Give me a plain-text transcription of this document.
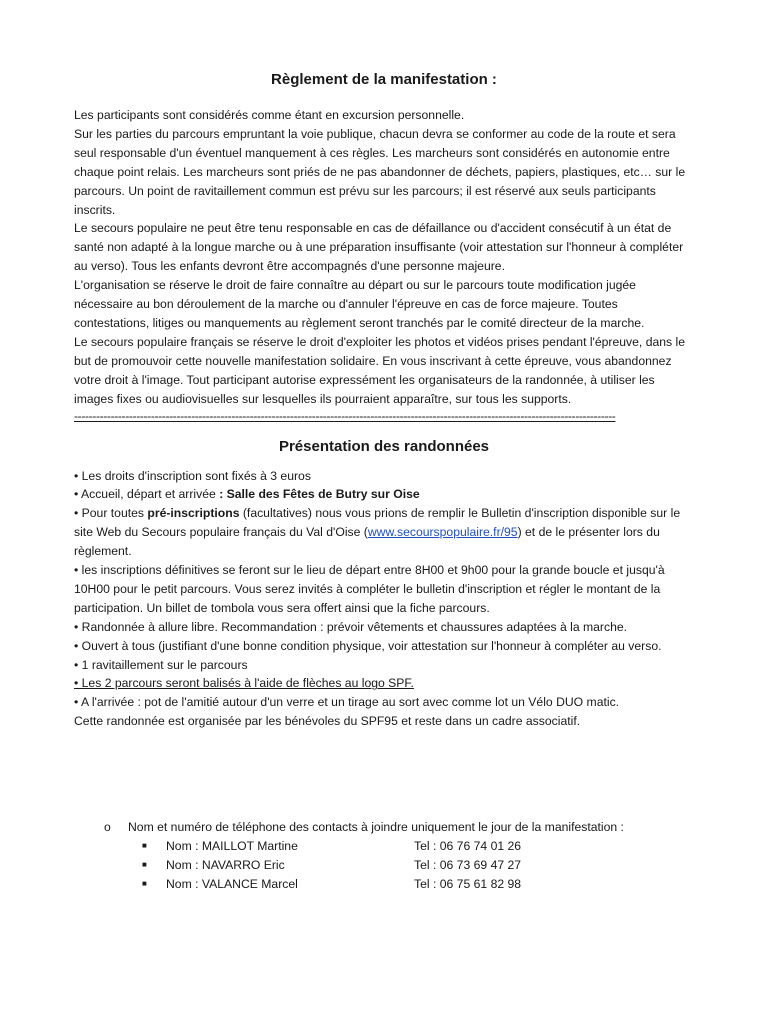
Règlement de la manifestation :

Les participants sont considérés comme étant en excursion personnelle.

Sur les parties du parcours empruntant la voie publique, chacun devra se conformer au code de la route et sera seul responsable d'un éventuel manquement à ces règles. Les marcheurs sont considérés en autonomie entre chaque point relais. Les marcheurs sont priés de ne pas abandonner de déchets, papiers, plastiques, etc… sur le parcours. Un point de ravitaillement commun est prévu sur les parcours; il est réservé aux seuls participants inscrits.

Le secours populaire ne peut être tenu responsable en cas de défaillance ou d'accident consécutif à un état de santé non adapté à la longue marche ou à une préparation insuffisante (voir attestation sur l'honneur à compléter au verso). Tous les enfants devront être accompagnés d'une personne majeure.

L'organisation se réserve le droit de faire connaître au départ ou sur le parcours toute modification jugée nécessaire au bon déroulement de la marche ou d'annuler l'épreuve en cas de force majeure. Toutes contestations, litiges ou manquements au règlement seront tranchés par le comité directeur de la marche.

Le secours populaire français se réserve le droit d'exploiter les photos et vidéos prises pendant l'épreuve, dans le but de promouvoir cette nouvelle manifestation solidaire. En vous inscrivant à cette épreuve, vous abandonnez votre droit à l'image. Tout participant autorise expressément les organisateurs de la randonnée, à utiliser les images fixes ou audiovisuelles sur lesquelles ils pourraient apparaître, sur tous les supports.

----------------------------------------------------------------------------------------------------------------------------------------------------
Présentation des randonnées

• Les droits d'inscription sont fixés à 3 euros

• Accueil, départ et arrivée : Salle des Fêtes de Butry sur Oise

• Pour toutes pré-inscriptions (facultatives) nous vous prions de remplir le Bulletin d'inscription disponible sur le site Web du Secours populaire français du Val d'Oise (www.secourspopulaire.fr/95) et de le présenter lors du règlement.

• les inscriptions définitives se feront sur le lieu de départ entre 8H00 et 9h00 pour la grande boucle et jusqu'à 10H00 pour le petit parcours. Vous serez invités à compléter le bulletin d'inscription et régler le montant de la participation. Un billet de tombola vous sera offert ainsi que la fiche parcours.

• Randonnée à allure libre. Recommandation : prévoir vêtements et chaussures adaptées à la marche.

• Ouvert à tous (justifiant d'une bonne condition physique, voir attestation sur l'honneur à compléter au verso.

• 1 ravitaillement sur le parcours

• Les 2 parcours seront balisés à l'aide de flèches au logo SPF.

• A l'arrivée : pot de l'amitié autour d'un verre et un tirage au sort avec comme lot un Vélo DUO matic.

Cette randonnée est organisée par les bénévoles du SPF95 et reste dans un cadre associatif.

o	Nom et numéro de téléphone des contacts à joindre uniquement le jour de la manifestation :
■	Nom : MAILLOT Martine	Tel : 06 76 74 01 26
■	Nom : NAVARRO Eric	Tel : 06 73 69 47 27
■	Nom : VALANCE Marcel	Tel : 06 75 61 82 98
